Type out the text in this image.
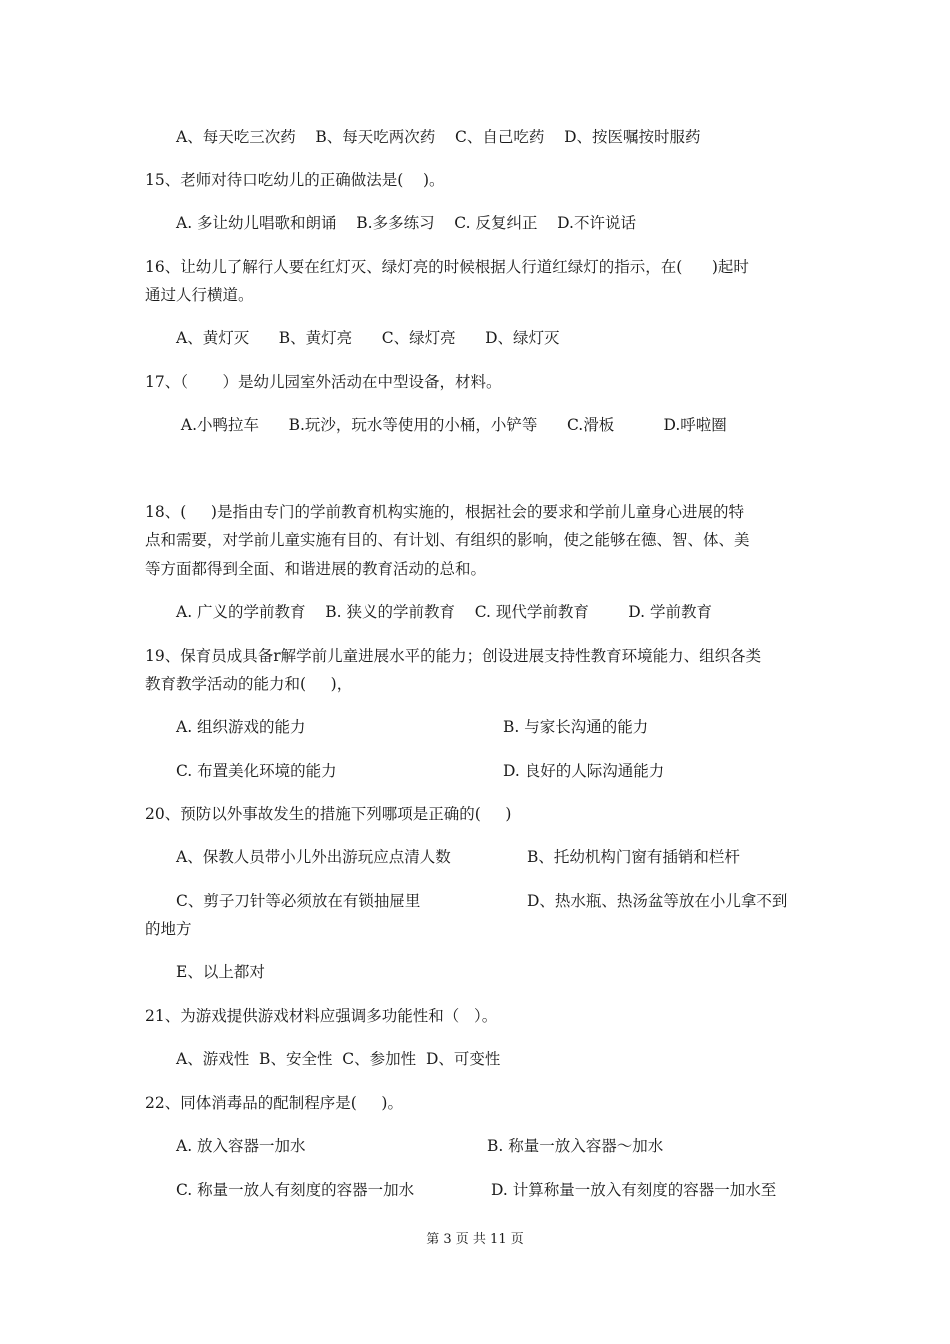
A、每天吃三次药    B、每天吃两次药    C、自己吃药    D、按医嘱按时服药
15、老师对待口吃幼儿的正确做法是(    )。
A. 多让幼儿唱歌和朗诵    B.多多练习    C. 反复纠正    D.不许说话
16、让幼儿了解行人要在红灯灭、绿灯亮的时候根据人行道红绿灯的指示，在(      )起时
通过人行横道。
A、黄灯灭      B、黄灯亮      C、绿灯亮      D、绿灯灭
17、（       ）是幼儿园室外活动在中型设备，材料。
A.小鸭拉车      B.玩沙，玩水等使用的小桶，小铲等      C.滑板          D.呼啦圈
18、(     )是指由专门的学前教育机构实施的，根据社会的要求和学前儿童身心进展的特
点和需要，对学前儿童实施有目的、有计划、有组织的影响，使之能够在德、智、体、美
等方面都得到全面、和谐进展的教育活动的总和。
A. 广义的学前教育    B. 狭义的学前教育    C. 现代学前教育        D. 学前教育
19、保育员成具备r解学前儿童进展水平的能力；创设进展支持性教育环境能力、组织各类
教育教学活动的能力和(     )，
A. 组织游戏的能力	B. 与家长沟通的能力
C. 布置美化环境的能力	D. 良好的人际沟通能力
20、预防以外事故发生的措施下列哪项是正确的(     )
A、保教人员带小儿外出游玩应点清人数	B、托幼机构门窗有插销和栏杆
C、剪子刀针等必须放在有锁抽屉里	D、热水瓶、热汤盆等放在小儿拿不到
的地方
E、以上都对
21、为游戏提供游戏材料应强调多功能性和（   ）。
A、游戏性  B、安全性  C、参加性  D、可变性
22、同体消毒品的配制程序是(     )。
A. 放入容器一加水	B. 称量一放入容器～加水
C. 称量一放人有刻度的容器一加水	D. 计算称量一放入有刻度的容器一加水至
第 3 页 共 11 页
